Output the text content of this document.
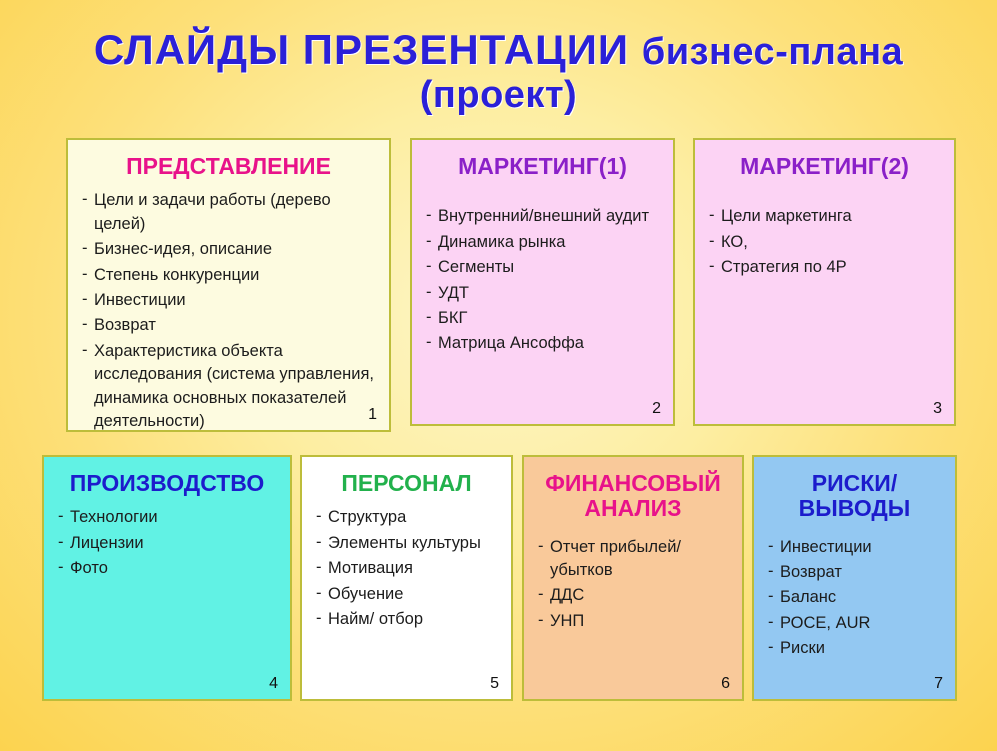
СЛАЙДЫ ПРЕЗЕНТАЦИИ бизнес-плана
(проект)
ПРЕДСТАВЛЕНИЕ
- Цели и задачи работы (дерево целей)
- Бизнес-идея, описание
- Степень конкуренции
- Инвестиции
- Возврат
- Характеристика объекта исследования (система управления, динамика основных показателей деятельности)	1
МАРКЕТИНГ(1)
- Внутренний/внешний аудит
- Динамика рынка
- Сегменты
- УДТ
- БКГ
- Матрица Ансоффа
2
МАРКЕТИНГ(2)
- Цели маркетинга
- КО,
- Стратегия по 4Р
3
ПРОИЗВОДСТВО
- Технологии
- Лицензии
- Фото
4
ПЕРСОНАЛ
- Структура
- Элементы культуры
- Мотивация
- Обучение
- Найм/ отбор
5
ФИНАНСОВЫЙ АНАЛИЗ
- Отчет прибылей/ убытков
- ДДС
- УНП
6
РИСКИ/ ВЫВОДЫ
- Инвестиции
- Возврат
- Баланс
- РОСЕ, AUR
- Риски
7
